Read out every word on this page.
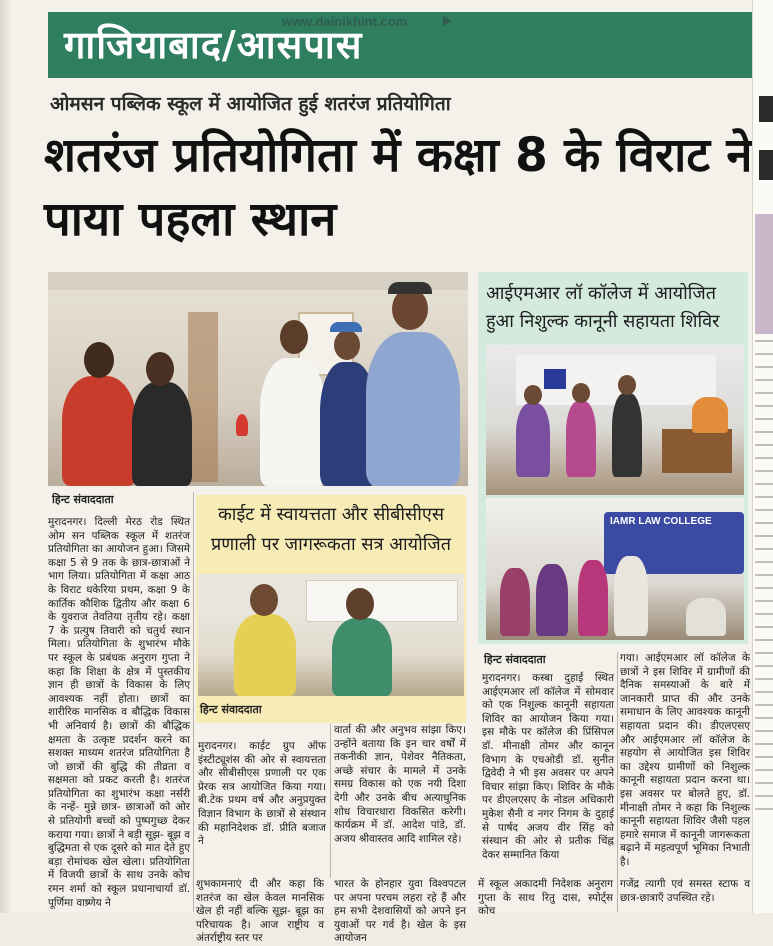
गाजियाबाद/आसपास
www.dainikhint.com
ओमसन पब्लिक स्कूल में आयोजित हुई शतरंज प्रतियोगिता
शतरंज प्रतियोगिता में कक्षा 8 के विराट ने पाया पहला स्थान
हिन्ट संवाददाता
मुरादनगर। दिल्ली मेरठ रोड स्थित ओम सन पब्लिक स्कूल में शतरंज प्रतियोगिता का आयोजन हुआ। जिसमे कक्षा 5 से 9 तक के छात्र-छात्राओं ने भाग लिया। प्रतियोगिता में कक्षा आठ के विराट धकेरिया प्रथम, कक्षा 9 के कार्तिक कौशिक द्वितीय और कक्षा 6 के युवराज तेवतिया तृतीय रहे। कक्षा 7 के प्रत्युष तिवारी को चतुर्थ स्थान मिला। प्रतियोगिता के शुभारंभ मौके पर स्कूल के प्रबंधक अनुराग गुप्ता ने कहा कि शिक्षा के क्षेत्र में पुस्तकीय ज्ञान ही छात्रों के विकास के लिए आवश्यक नहीं होता। छात्रों का शारीरिक मानसिक व बौद्धिक विकास भी अनिवार्य है। छात्रों की बौद्धिक क्षमता के उत्कृष्ट प्रदर्शन करने का सशक्त माध्यम शतरंज प्रतियोगिता है जो छात्रों की बुद्धि की तीव्रता व सक्षमता को प्रकट करती है। शतरंज प्रतियोगिता का शुभारंभ कक्षा नर्सरी के नन्हें- मुन्ने छात्र- छात्राओं को ओर से प्रतियोगी बच्चों को पुष्पगुच्छ देकर कराया गया। छात्रों ने बड़ी सूझ- बूझ व बुद्धिमता से एक दूसरे को मात देते हुए बड़ा रोमांचक खेल खेला। प्रतियोगिता में विजयी छात्रों के साथ उनके कोच रमन शर्मा को स्कूल प्रधानाचार्या डॉ. पूर्णिमा वाष्र्णेय ने
शुभकामनाएं दी और कहा कि शतरंज का खेल केवल मानसिक खेल ही नहीं बल्कि सूझ- बूझ का परिचायक है। आज राष्ट्रीय व अंतर्राष्ट्रीय स्तर पर
भारत के होनहार युवा विश्वपटल पर अपना परचम लहरा रहे हैं और हम सभी देशवासियों को अपने इन युवाओं पर गर्व है। खेल के इस आयोजन
में स्कूल अकादमी निदेशक अनुराग गुप्ता के साथ रितु दास, स्पोर्ट्स कोच
काईट में स्वायत्तता और सीबीसीएस प्रणाली पर जागरूकता सत्र आयोजित
हिन्ट संवाददाता
मुरादनगर। काईट ग्रुप ऑफ इंस्टीट्यूशंस की ओर से स्वायत्तता और सीबीसीएस प्रणाली पर एक प्रेरक सत्र आयोजित किया गया। बी.टेक प्रथम वर्ष और अनुप्रयुक्त विज्ञान विभाग के छात्रों से संस्थान की महानिदेशक डॉ. प्रीति बजाज ने
वार्ता की और अनुभव सांझा किए। उन्होंने बताया कि इन चार वर्षों में तकनीकी ज्ञान, पेशेवर नैतिकता, अच्छे संचार के मामले में उनके समग्र विकास को एक नयी दिशा देगी और उनके बीच अत्याधुनिक शोध विचारधारा विकसित करेगी। कार्यक्रम में डॉ. आदेश पांडे, डॉ. अजय श्रीवास्तव आदि शामिल रहे।
आईएमआर लॉ कॉलेज में आयोजित हुआ निशुल्क कानूनी सहायता शिविर
IAMR LAW COLLEGE
हिन्ट संवाददाता
मुरादनगर। कस्बा दुहाई स्थित आईएमआर लॉ कॉलेज में सोमवार को एक निशुल्क कानूनी सहायता शिविर का आयोजन किया गया। इस मौके पर कॉलेज की प्रिंसिपल डॉ. मीनाक्षी तोमर और कानून विभाग के एचओडी डॉ. सुनीत द्विवेदी ने भी इस अवसर पर अपने विचार सांझा किए। शिविर के मौके पर डीएलएसए के नोडल अधिकारी मुकेश सैनी व नगर निगम के दुहाई से पार्षद अजय वीर सिंह को संस्थान की ओर से प्रतीक चिंह्न देकर सम्मानित किया
गया। आईएमआर लॉ कॉलेज के छात्रों ने इस शिविर में ग्रामीणों की दैनिक समस्याओं के बारे में जानकारी प्राप्त की और उनके समाधान के लिए आवश्यक कानूनी सहायता प्रदान की। डीएलएसए और आईएमआर लॉ कॉलेज के सहयोग से आयोजित इस शिविर का उद्देश्य ग्रामीणों को निशुल्क कानूनी सहायता प्रदान करना था। इस अवसर पर बोलते हुए, डॉ. मीनाक्षी तोमर ने कहा कि निशुल्क कानूनी सहायता शिविर जैसी पहल हमारे समाज में कानूनी जागरूकता बढ़ाने में महत्वपूर्ण भूमिका निभाती है।
गजेंद्र त्यागी एवं समस्त स्टाफ व छात्र-छात्राएँ उपस्थित रहे।
